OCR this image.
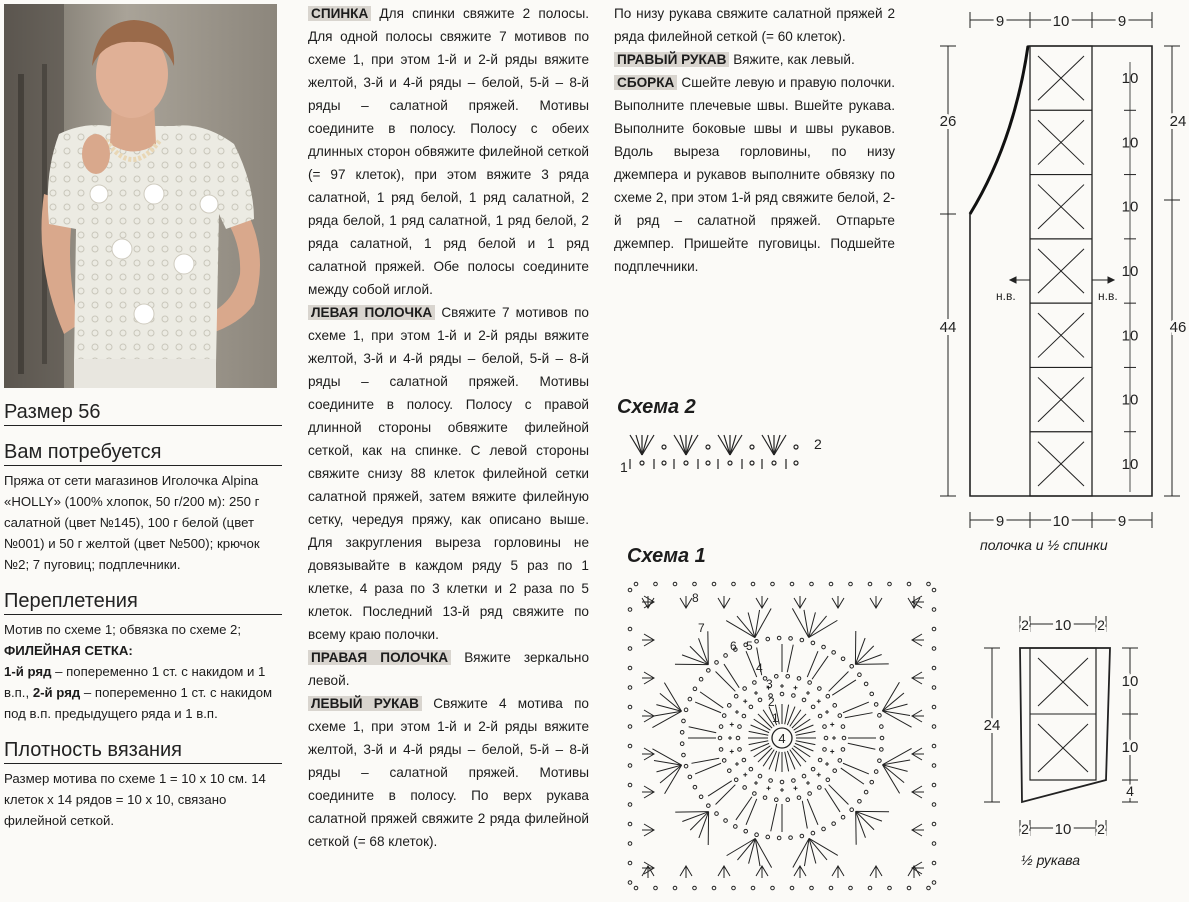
Размер 56
Вам потребуется

Пряжа от сети магазинов Иголочка Alpina «HOLLY» (100% хлопок, 50 г/200 м): 250 г салатной (цвет №145), 100 г белой (цвет №001) и 50 г желтой (цвет №500); крючок №2; 7 пуговиц; подплечники.

Переплетения

Мотив по схеме 1; обвязка по схеме 2;

ФИЛЕЙНАЯ СЕТКА:

1-й ряд – попеременно 1 ст. с накидом и 1 в.п., 2-й ряд – попеременно 1 ст. с накидом под в.п. предыдущего ряда и 1 в.п.

Плотность вязания

Размер мотива по схеме 1 = 10 х 10 см. 14 клеток х 14 рядов = 10 х 10, связано филейной сеткой.

СПИНКА Для спинки свяжите 2 полосы. Для одной полосы свяжите 7 мотивов по схеме 1, при этом 1-й и 2-й ряды вяжите желтой, 3-й и 4-й ряды – белой, 5-й – 8-й ряды – салатной пряжей. Мотивы соедините в полосу. Полосу с обеих длинных сторон обвяжите филейной сеткой (= 97 клеток), при этом вяжите 3 ряда салатной, 1 ряд белой, 1 ряд салатной, 2 ряда белой, 1 ряд салатной, 1 ряд белой, 2 ряда салатной, 1 ряд белой и 1 ряд салатной пряжей. Обе полосы соедините между собой иглой.

ЛЕВАЯ ПОЛОЧКА Свяжите 7 мотивов по схеме 1, при этом 1-й и 2-й ряды вяжите желтой, 3-й и 4-й ряды – белой, 5-й – 8-й ряды – салатной пряжей. Мотивы соедините в полосу. Полосу с правой длинной стороны обвяжите филейной сеткой, как на спинке. С левой стороны свяжите снизу 88 клеток филейной сетки салатной пряжей, затем вяжите филейную сетку, чередуя пряжу, как описано выше. Для закругления выреза горловины не довязывайте в каждом ряду 5 раз по 1 клетке, 4 раза по 3 клетки и 2 раза по 5 клеток. Последний 13-й ряд свяжите по всему краю полочки.

ПРАВАЯ ПОЛОЧКА Вяжите зеркально левой.

ЛЕВЫЙ РУКАВ Свяжите 4 мотива по схеме 1, при этом 1-й и 2-й ряды вяжите желтой, 3-й и 4-й ряды – белой, 5-й – 8-й ряды – салатной пряжей. Мотивы соедините в полосу. По верх рукава салатной пряжей свяжите 2 ряда филейной сеткой (= 68 клеток).

По низу рукава свяжите салатной пряжей 2 ряда филейной сеткой (= 60 клеток).

ПРАВЫЙ РУКАВ Вяжите, как левый.

СБОРКА Сшейте левую и правую полочки. Выполните плечевые швы. Вшейте рукава. Выполните боковые швы и швы рукавов. Вдоль выреза горловины, по низу джемпера и рукавов выполните обвязку по схеме 2, при этом 1-й ряд свяжите белой, 2-й ряд – салатной пряжей. Отпарьте джемпер. Пришейте пуговицы. Подшейте подплечники.

Схема 2
1
2
Схема 1
4
8
7
6 5
4
3
2
1
10
10
10
10
10
10
10
н.в.	н.в.
9	10	9
9	10	9
26
44
24
46
полочка и ½ спинки
2 10 2
2 10 2
24
10
10
4
½ рукава
